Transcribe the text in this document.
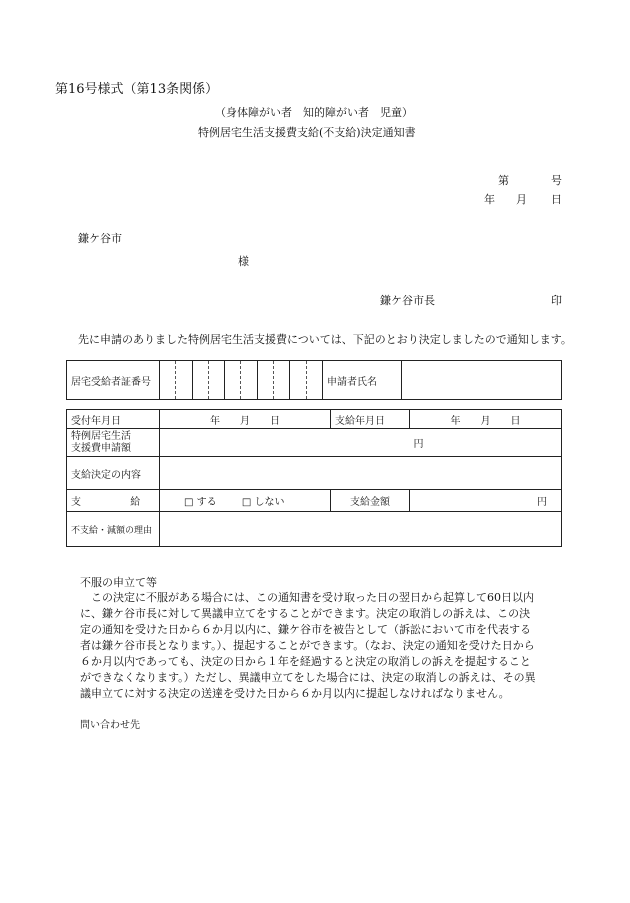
第16号様式（第13条関係）
（身体障がい者　知的障がい者　児童）
特例居宅生活支援費支給(不支給)決定通知書
第	号
年 月 日
鎌ケ谷市
様
鎌ケ谷市長	印
先に申請のありました特例居宅生活支援費については、下記のとおり決定しましたので通知します。
居宅受給者証番号		申請者氏名	
受付年月日	年　　月　　日	支給年月日	年　　月　　日

特例居宅生活
支援費申請額	円		
支給決定の内容			
支 給	□ する □ しない	支給金額	円
不支給・減額の理由			
不服の申立て等

　この決定に不服がある場合には、この通知書を受け取った日の翌日から起算して60日以内

に、鎌ケ谷市長に対して異議申立てをすることができます。決定の取消しの訴えは、この決

定の通知を受けた日から６か月以内に、鎌ケ谷市を被告として（訴訟において市を代表する

者は鎌ケ谷市長となります。）、提起することができます。（なお、決定の通知を受けた日から

６か月以内であっても、決定の日から１年を経過すると決定の取消しの訴えを提起すること

ができなくなります。）ただし、異議申立てをした場合には、決定の取消しの訴えは、その異

議申立てに対する決定の送達を受けた日から６か月以内に提起しなければなりません。

問い合わせ先
